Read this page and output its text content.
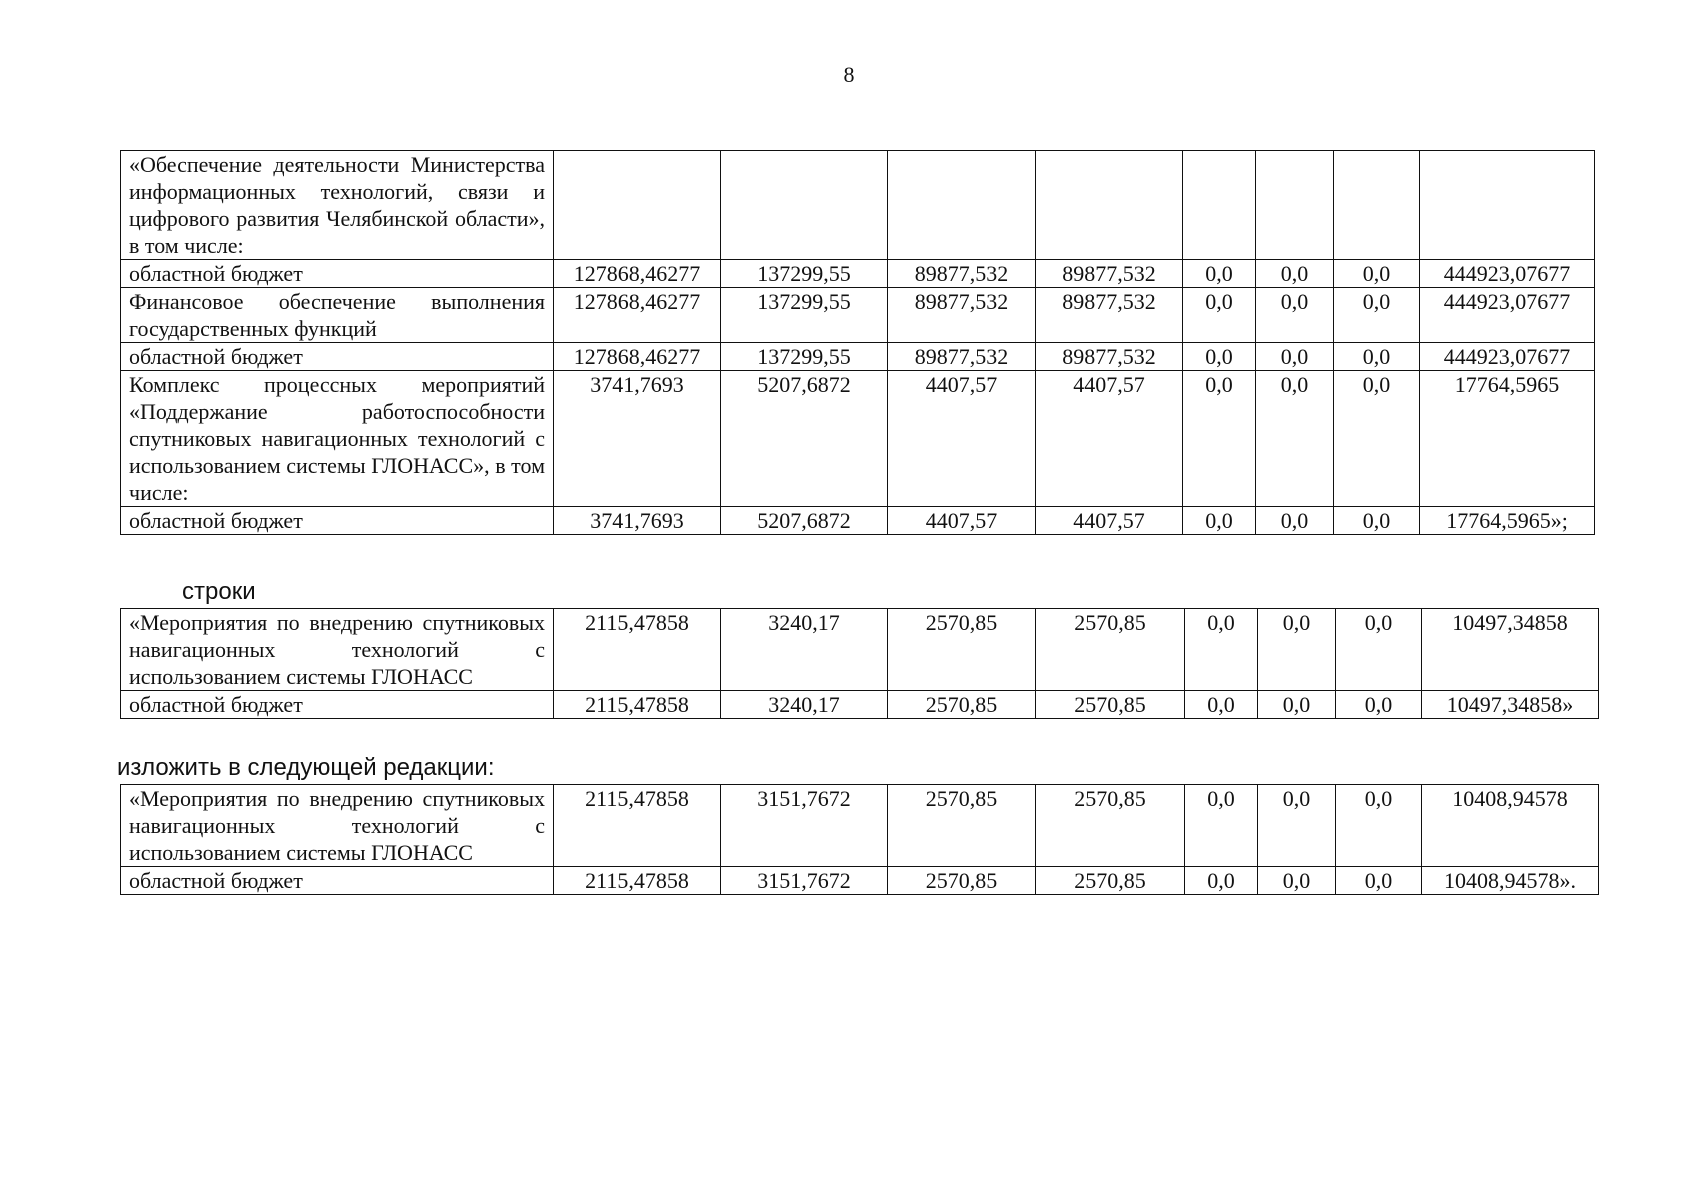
8
«Обеспечение деятельности Министерства информационных технологий, связи и цифрового развития Челябинской области», в том числе:								
областной бюджет	127868,46277	137299,55	89877,532	89877,532	0,0	0,0	0,0	444923,07677
Финансовое обеспечение выполнения государственных функций	127868,46277	137299,55	89877,532	89877,532	0,0	0,0	0,0	444923,07677
областной бюджет	127868,46277	137299,55	89877,532	89877,532	0,0	0,0	0,0	444923,07677
Комплекс процессных мероприятий «Поддержание работоспособности спутниковых навигационных технологий с использованием системы ГЛОНАСС», в том числе:	3741,7693	5207,6872	4407,57	4407,57	0,0	0,0	0,0	17764,5965
областной бюджет	3741,7693	5207,6872	4407,57	4407,57	0,0	0,0	0,0	17764,5965»;
строки
«Мероприятия по внедрению спутниковых навигационных технологий с использованием системы ГЛОНАСС	2115,47858	3240,17	2570,85	2570,85	0,0	0,0	0,0	10497,34858
областной бюджет	2115,47858	3240,17	2570,85	2570,85	0,0	0,0	0,0	10497,34858»
изложить в следующей редакции:
«Мероприятия по внедрению спутниковых навигационных технологий с использованием системы ГЛОНАСС	2115,47858	3151,7672	2570,85	2570,85	0,0	0,0	0,0	10408,94578
областной бюджет	2115,47858	3151,7672	2570,85	2570,85	0,0	0,0	0,0	10408,94578».
